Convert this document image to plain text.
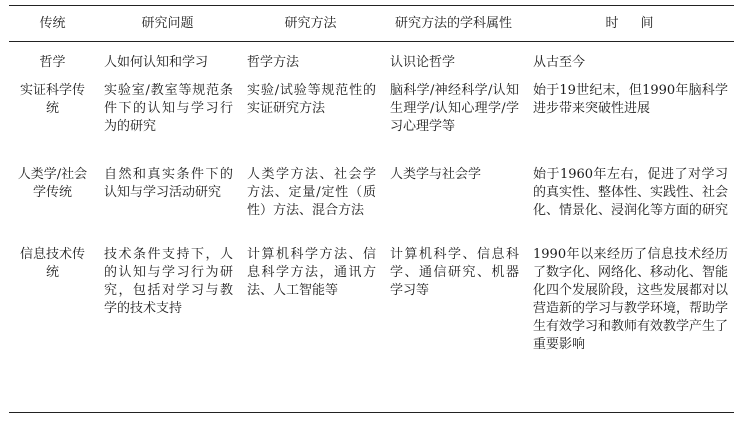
传统	研究问题	研究方法	研究方法的学科属性	时间
哲学	人如何认知和学习	哲学方法	认识论哲学	从古至今
实证科学传统	实验室/教室等规范条件下的认知与学习行为的研究	实验/试验等规范性的实证研究方法	脑科学/神经科学/认知生理学/认知心理学/学习心理学等	始于19世纪末，但1990年脑科学进步带来突破性进展
人类学/社会学传统	自然和真实条件下的认知与学习活动研究	人类学方法、社会学方法、定量/定性（质性）方法、混合方法	人类学与社会学	始于1960年左右，促进了对学习的真实性、整体性、实践性、社会化、情景化、浸润化等方面的研究
信息技术传统	技术条件支持下，人的认知与学习行为研究，包括对学习与教学的技术支持	计算机科学方法、信息科学方法，通讯方法、人工智能等	计算机科学、信息科学、通信研究、机器学习等	1990年以来经历了信息技术经历了数字化、网络化、移动化、智能化四个发展阶段，这些发展都对以营造新的学习与教学环境，帮助学生有效学习和教师有效教学产生了重要影响
